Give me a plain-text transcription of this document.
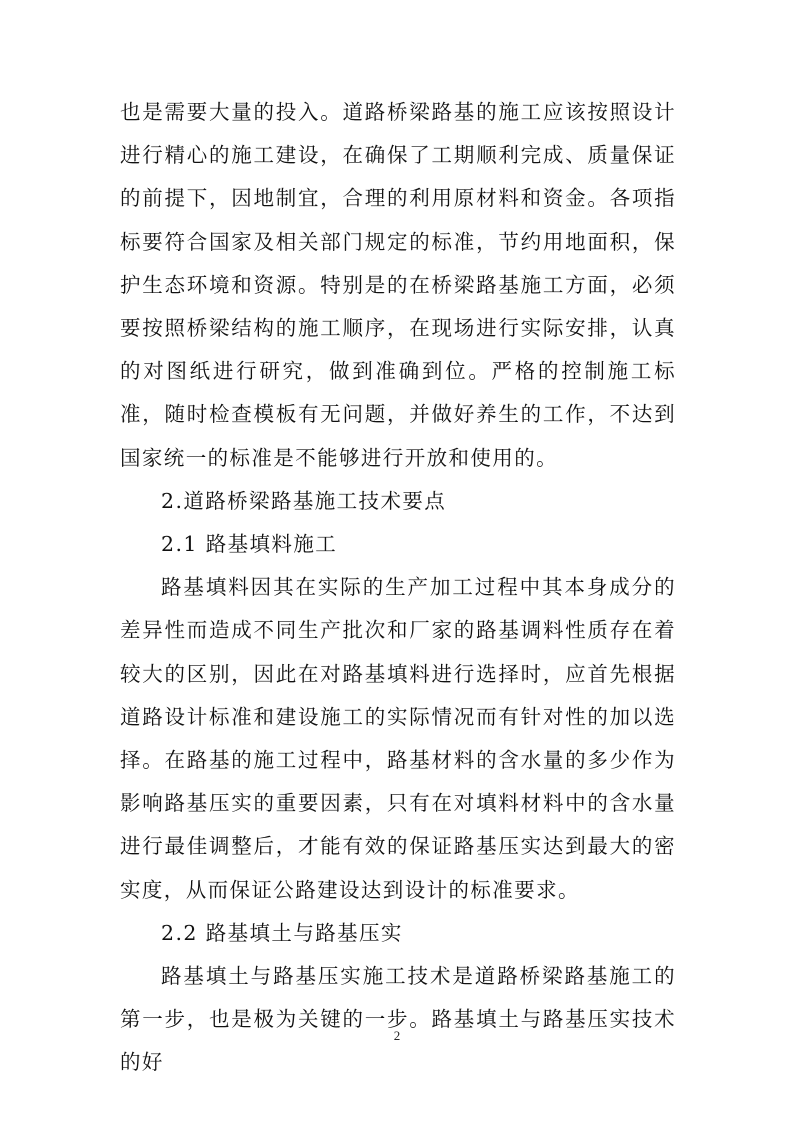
也是需要大量的投入。道路桥梁路基的施工应该按照设计进行精心的施工建设，在确保了工期顺利完成、质量保证的前提下，因地制宜，合理的利用原材料和资金。各项指标要符合国家及相关部门规定的标准，节约用地面积，保护生态环境和资源。特别是的在桥梁路基施工方面，必须要按照桥梁结构的施工顺序，在现场进行实际安排，认真的对图纸进行研究，做到准确到位。严格的控制施工标准，随时检查模板有无问题，并做好养生的工作，不达到国家统一的标准是不能够进行开放和使用的。

2.道路桥梁路基施工技术要点

2.1 路基填料施工

路基填料因其在实际的生产加工过程中其本身成分的差异性而造成不同生产批次和厂家的路基调料性质存在着较大的区别，因此在对路基填料进行选择时，应首先根据道路设计标准和建设施工的实际情况而有针对性的加以选择。在路基的施工过程中，路基材料的含水量的多少作为影响路基压实的重要因素，只有在对填料材料中的含水量进行最佳调整后，才能有效的保证路基压实达到最大的密实度，从而保证公路建设达到设计的标准要求。

2.2 路基填土与路基压实

路基填土与路基压实施工技术是道路桥梁路基施工的第一步，也是极为关键的一步。路基填土与路基压实技术的好

2
